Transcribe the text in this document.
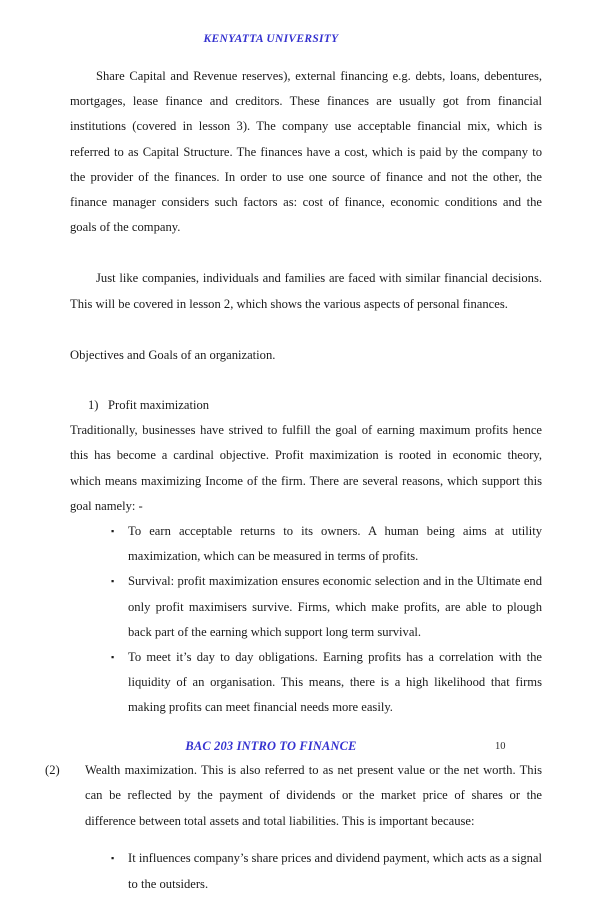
KENYATTA UNIVERSITY

Share Capital and Revenue reserves), external financing e.g. debts, loans, debentures, mortgages, lease finance and creditors. These finances are usually got from financial institutions (covered in lesson 3). The company use acceptable financial mix, which is referred to as Capital Structure. The finances have a cost, which is paid by the company to the provider of the finances. In order to use one source of finance and not the other, the finance manager considers such factors as: cost of finance, economic conditions and the goals of the company.

Just like companies, individuals and families are faced with similar financial decisions. This will be covered in lesson 2, which shows the various aspects of personal finances.

Objectives and Goals of an organization.

1) Profit maximization

Traditionally, businesses have strived to fulfill the goal of earning maximum profits hence this has become a cardinal objective. Profit maximization is rooted in economic theory, which means maximizing Income of the firm. There are several reasons, which support this goal namely: -

▪ To earn acceptable returns to its owners. A human being aims at utility maximization, which can be measured in terms of profits.
▪ Survival: profit maximization ensures economic selection and in the Ultimate end only profit maximisers survive. Firms, which make profits, are able to plough back part of the earning which support long term survival.
▪ To meet it’s day to day obligations. Earning profits has a correlation with the liquidity of an organisation. This means, there is a high likelihood that firms making profits can meet financial needs more easily.

(2) Wealth maximization. This is also referred to as net present value or the net worth. This can be reflected by the payment of dividends or the market price of shares or the difference between total assets and total liabilities. This is important because:

▪ It influences company’s share prices and dividend payment, which acts as a signal to the outsiders.
BAC 203 INTRO TO FINANCE	10
